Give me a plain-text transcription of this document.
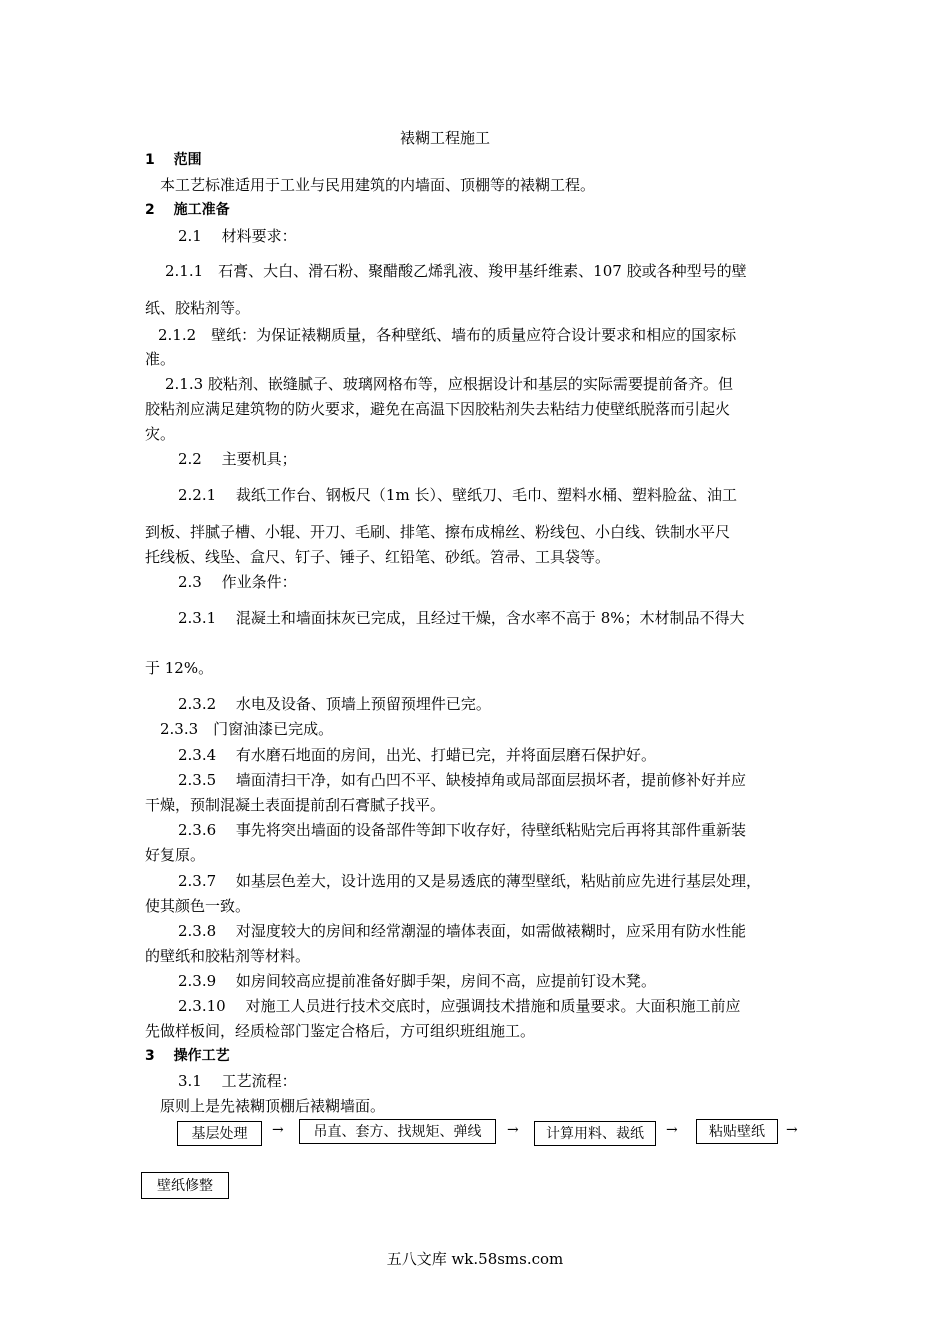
裱糊工程施工
1　 范围
本工艺标准适用于工业与民用建筑的内墙面、顶棚等的裱糊工程。
2　 施工准备
2.1　 材料要求：
2.1.1　石膏、大白、滑石粉、聚醋酸乙烯乳液、羧甲基纤维素、107 胶或各种型号的壁
纸、胶粘剂等。
2.1.2　壁纸：为保证裱糊质量，各种壁纸、墙布的质量应符合设计要求和相应的国家标
准。
2.1.3 胶粘剂、嵌缝腻子、玻璃网格布等，应根据设计和基层的实际需要提前备齐。但
胶粘剂应满足建筑物的防火要求，避免在高温下因胶粘剂失去粘结力使壁纸脱落而引起火
灾。
2.2　 主要机具；
2.2.1　 裁纸工作台、钢板尺（1m 长）、壁纸刀、毛巾、塑料水桶、塑料脸盆、油工
到板、拌腻子槽、小辊、开刀、毛刷、排笔、擦布成棉丝、粉线包、小白线、铁制水平尺
托线板、线坠、盒尺、钉子、锤子、红铅笔、砂纸。笤帚、工具袋等。
2.3　 作业条件：
2.3.1　 混凝土和墙面抹灰已完成，且经过干燥，含水率不高于 8%；木材制品不得大
于 12%。
2.3.2　 水电及设备、顶墙上预留预埋件已完。
2.3.3　门窗油漆已完成。
2.3.4　 有水磨石地面的房间，出光、打蜡已完，并将面层磨石保护好。
2.3.5　 墙面清扫干净，如有凸凹不平、缺棱掉角或局部面层损坏者，提前修补好并应
干燥，预制混凝土表面提前刮石膏腻子找平。
2.3.6　 事先将突出墙面的设备部件等卸下收存好，待壁纸粘贴完后再将其部件重新装
好复原。
2.3.7　 如基层色差大，设计选用的又是易透底的薄型壁纸，粘贴前应先进行基层处理，
使其颜色一致。
2.3.8　 对湿度较大的房间和经常潮湿的墙体表面，如需做裱糊时，应采用有防水性能
的壁纸和胶粘剂等材料。
2.3.9　 如房间较高应提前准备好脚手架，房间不高，应提前钉设木凳。
2.3.10　 对施工人员进行技术交底时，应强调技术措施和质量要求。大面积施工前应
先做样板间，经质检部门鉴定合格后，方可组织班组施工。
3　 操作工艺
3.1　 工艺流程：
原则上是先裱糊顶棚后裱糊墙面。
基层处理	→	吊直、套方、找规矩、弹线	→	计算用料、裁纸	→	粘贴壁纸	→
壁纸修整
五八文库 wk.58sms.com
